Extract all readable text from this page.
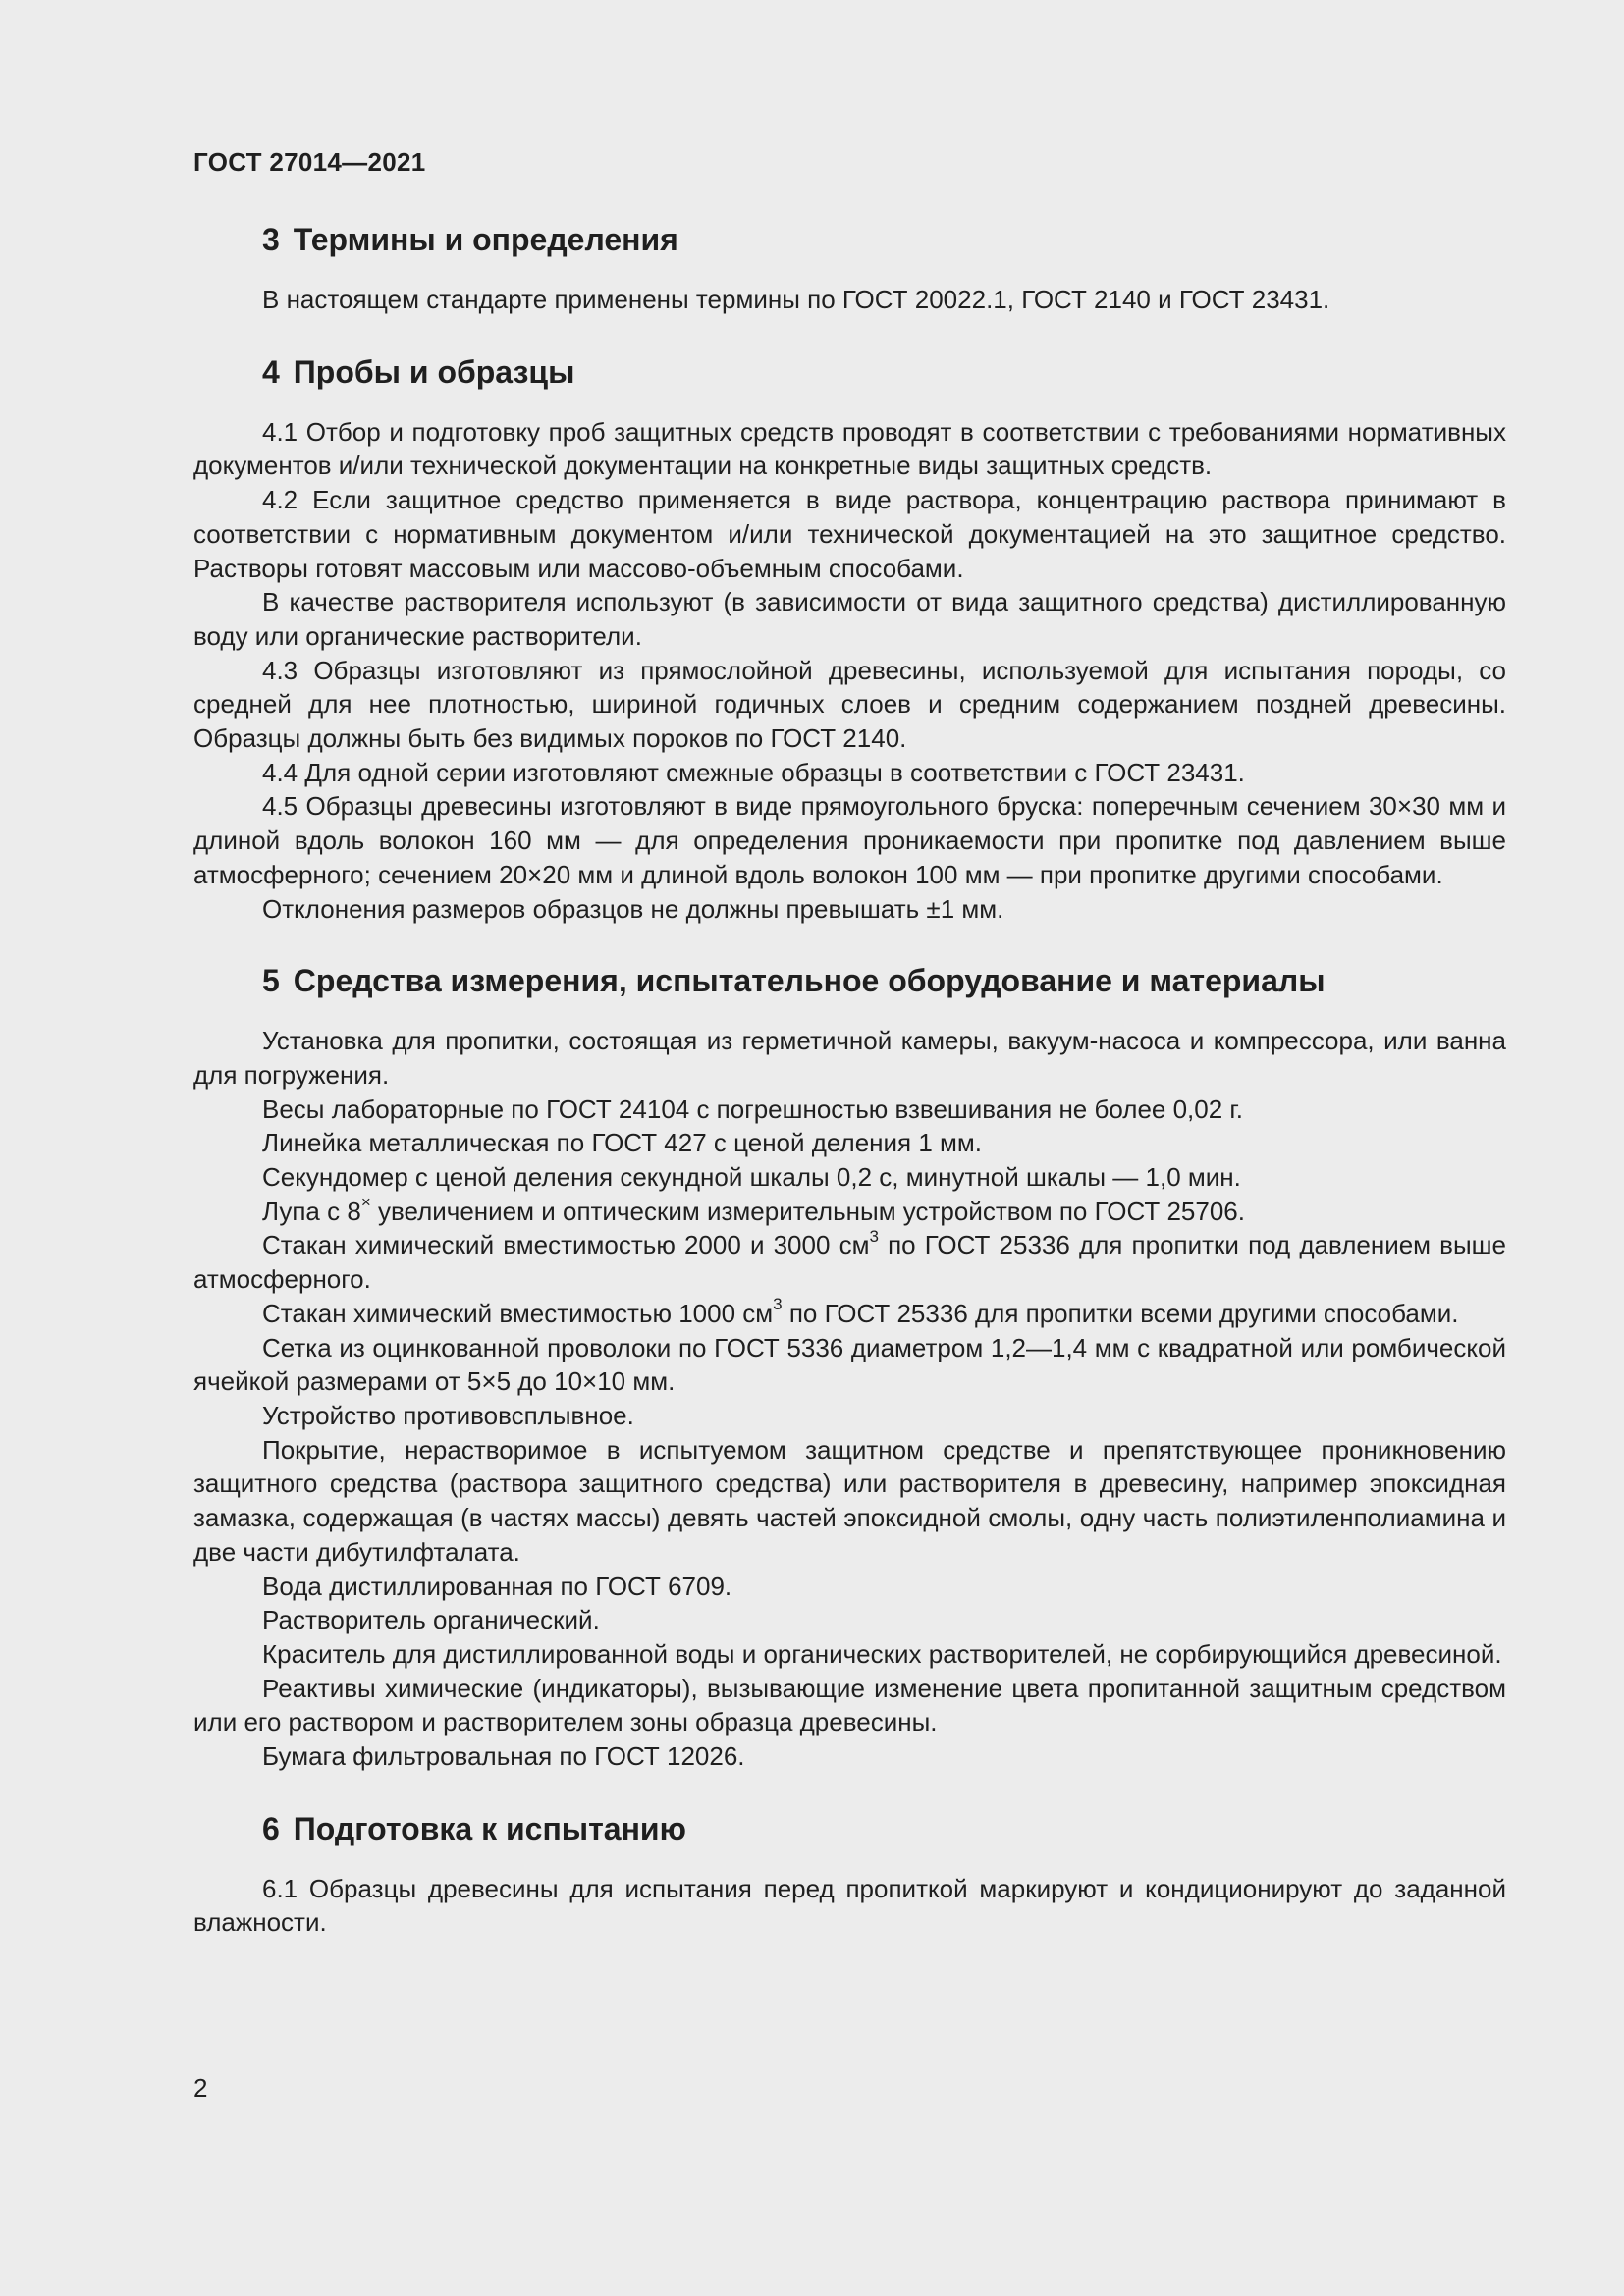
ГОСТ 27014—2021
3 Термины и определения

В настоящем стандарте применены термины по ГОСТ 20022.1, ГОСТ 2140 и ГОСТ 23431.

4 Пробы и образцы

4.1 Отбор и подготовку проб защитных средств проводят в соответствии с требованиями нормативных документов и/или технической документации на конкретные виды защитных средств.

4.2 Если защитное средство применяется в виде раствора, концентрацию раствора принимают в соответствии с нормативным документом и/или технической документацией на это защитное средство. Растворы готовят массовым или массово-объемным способами.

В качестве растворителя используют (в зависимости от вида защитного средства) дистиллированную воду или органические растворители.

4.3 Образцы изготовляют из прямослойной древесины, используемой для испытания породы, со средней для нее плотностью, шириной годичных слоев и средним содержанием поздней древесины. Образцы должны быть без видимых пороков по ГОСТ 2140.

4.4 Для одной серии изготовляют смежные образцы в соответствии с ГОСТ 23431.

4.5 Образцы древесины изготовляют в виде прямоугольного бруска: поперечным сечением 30×30 мм и длиной вдоль волокон 160 мм — для определения проникаемости при пропитке под давлением выше атмосферного; сечением 20×20 мм и длиной вдоль волокон 100 мм — при пропитке другими способами.

Отклонения размеров образцов не должны превышать ±1 мм.

5 Средства измерения, испытательное оборудование и материалы

Установка для пропитки, состоящая из герметичной камеры, вакуум-насоса и компрессора, или ванна для погружения.

Весы лабораторные по ГОСТ 24104 с погрешностью взвешивания не более 0,02 г.

Линейка металлическая по ГОСТ 427 с ценой деления 1 мм.

Секундомер с ценой деления секундной шкалы 0,2 с, минутной шкалы — 1,0 мин.

Лупа с 8× увеличением и оптическим измерительным устройством по ГОСТ 25706.

Стакан химический вместимостью 2000 и 3000 $см^3$ по ГОСТ 25336 для пропитки под давлением выше атмосферного.

Стакан химический вместимостью 1000 $см^3$ по ГОСТ 25336 для пропитки всеми другими способами.

Сетка из оцинкованной проволоки по ГОСТ 5336 диаметром 1,2—1,4 мм с квадратной или ромбической ячейкой размерами от 5×5 до 10×10 мм.

Устройство противовсплывное.

Покрытие, нерастворимое в испытуемом защитном средстве и препятствующее проникновению защитного средства (раствора защитного средства) или растворителя в древесину, например эпоксидная замазка, содержащая (в частях массы) девять частей эпоксидной смолы, одну часть полиэтиленполиамина и две части дибутилфталата.

Вода дистиллированная по ГОСТ 6709.

Растворитель органический.

Краситель для дистиллированной воды и органических растворителей, не сорбирующийся древесиной.

Реактивы химические (индикаторы), вызывающие изменение цвета пропитанной защитным средством или его раствором и растворителем зоны образца древесины.

Бумага фильтровальная по ГОСТ 12026.

6 Подготовка к испытанию

6.1 Образцы древесины для испытания перед пропиткой маркируют и кондиционируют до заданной влажности.

2
